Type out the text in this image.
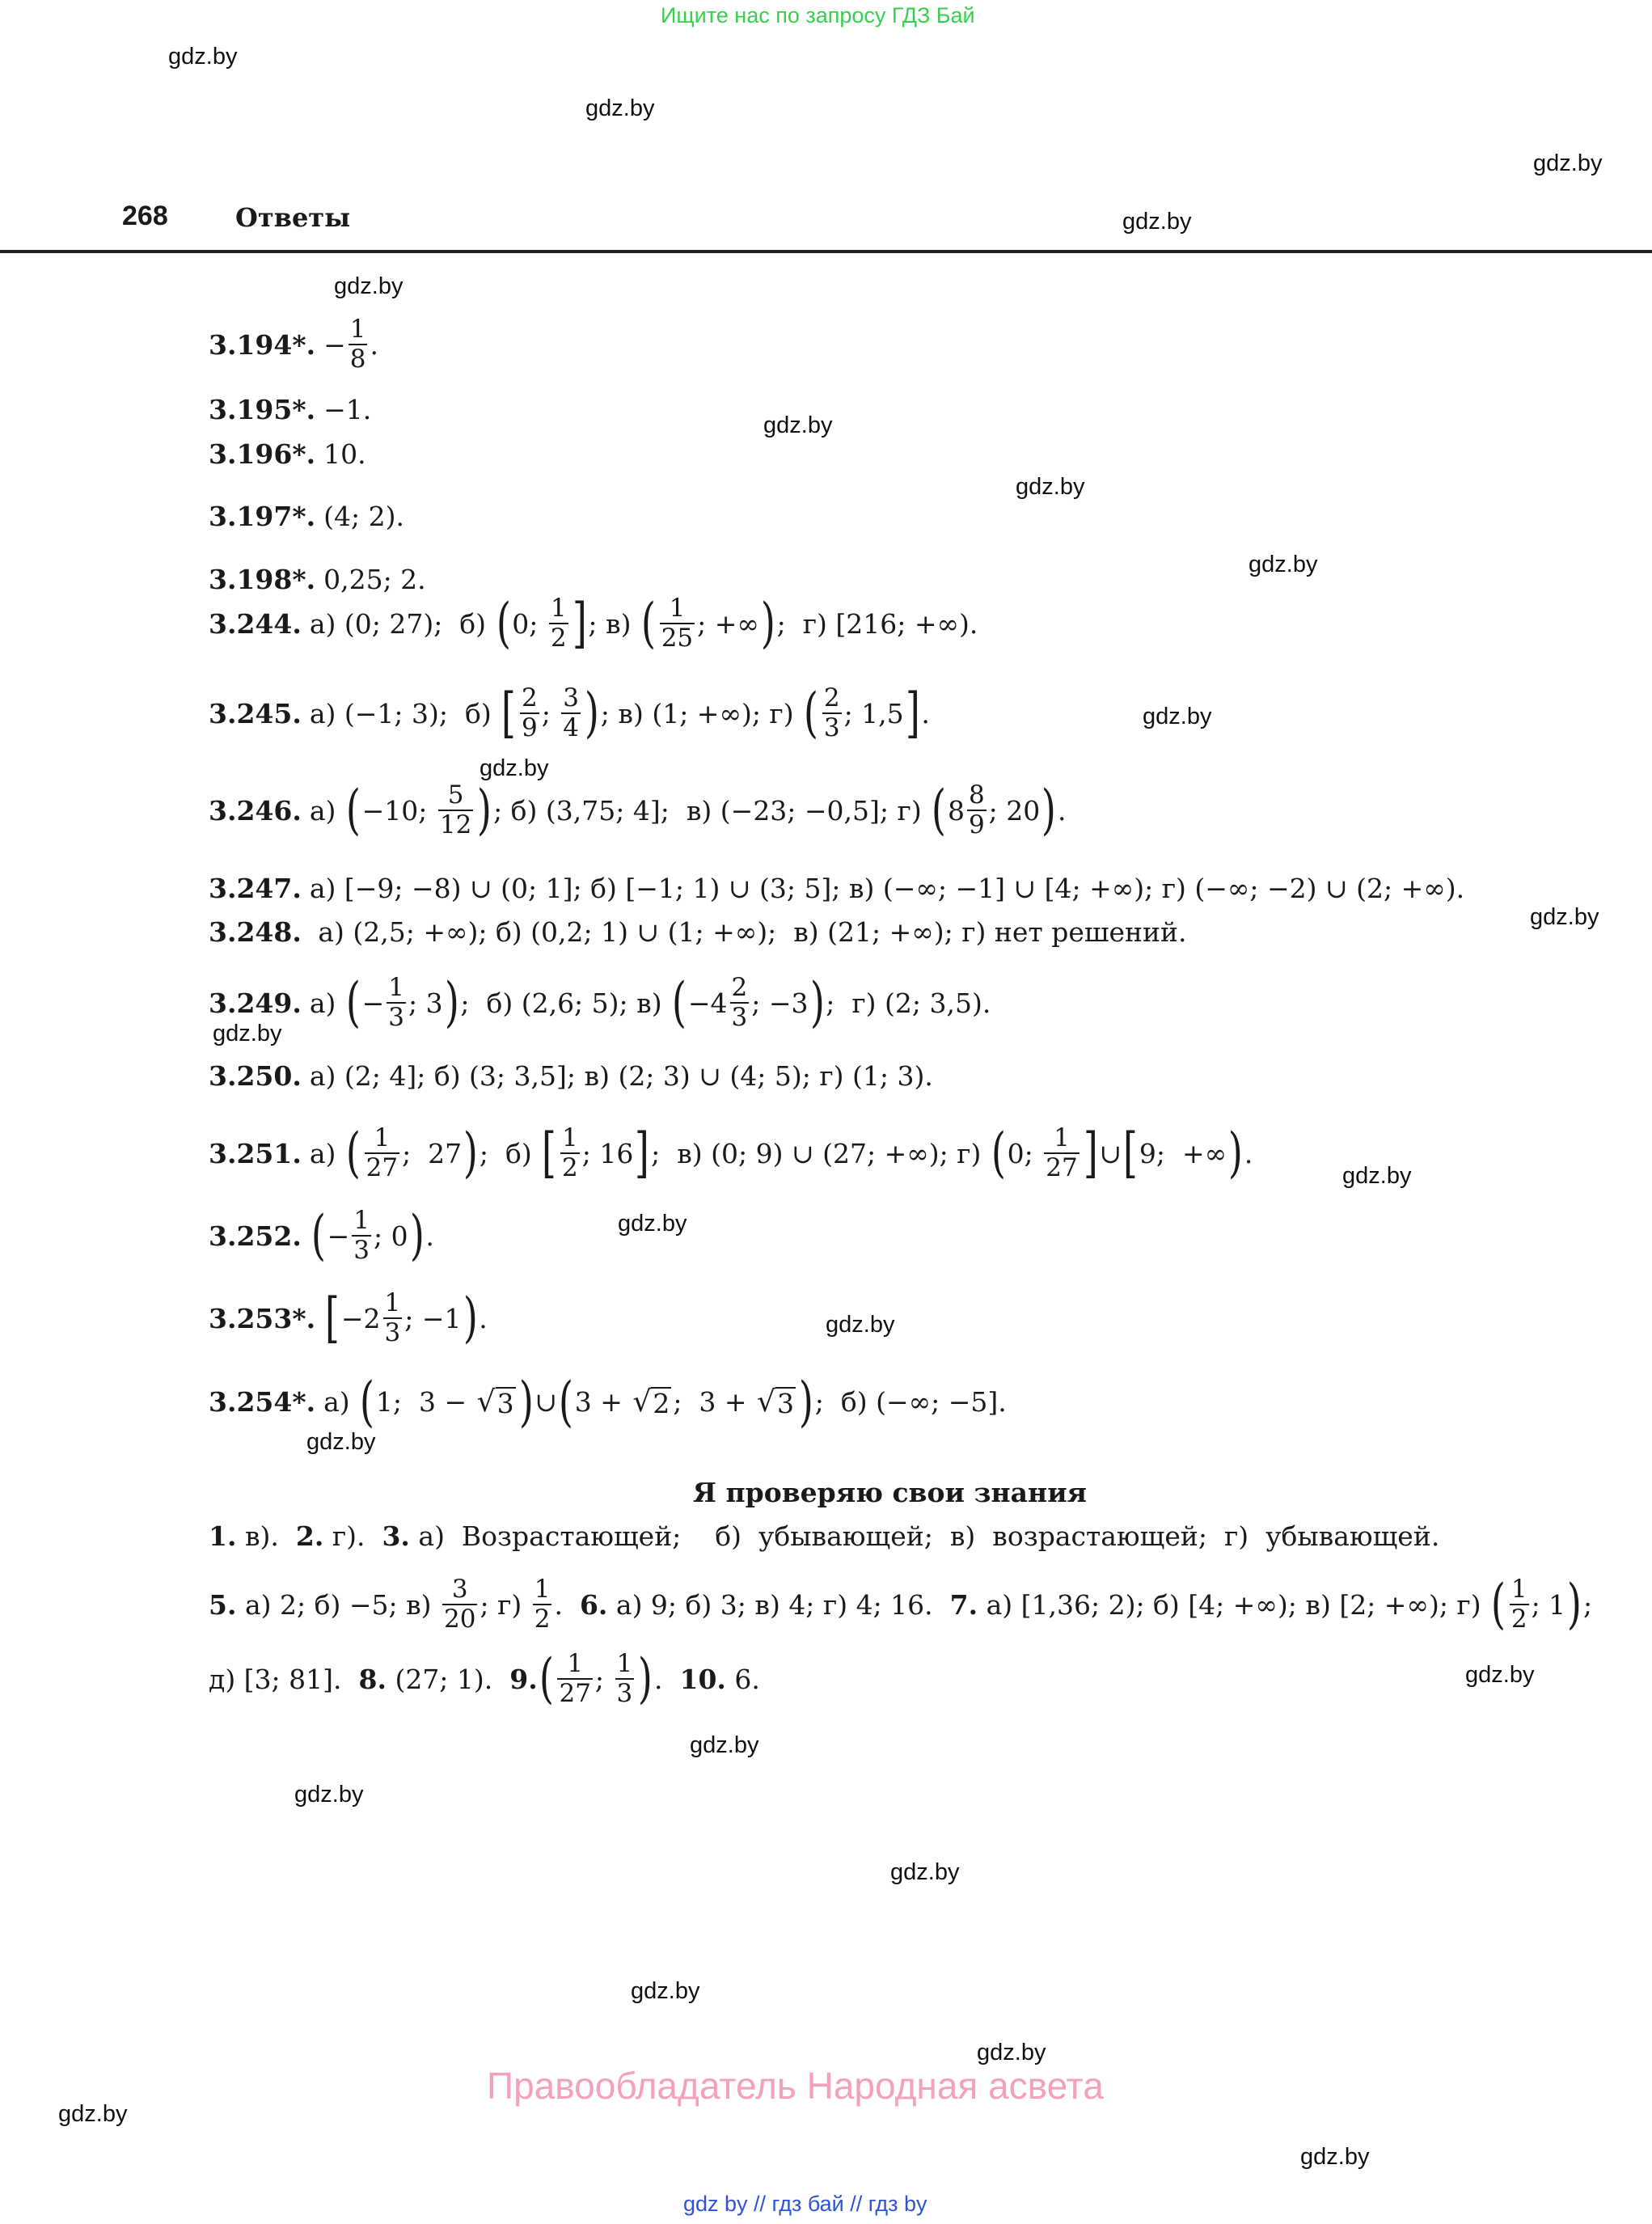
Ищите нас по запросу ГДЗ Бай
gdz.by
gdz.by
gdz.by
gdz.by
gdz.by
gdz.by
gdz.by
gdz.by
gdz.by
gdz.by
gdz.by
gdz.by
gdz.by
gdz.by
gdz.by
gdz.by
gdz.by
gdz.by
gdz.by
gdz.by
gdz.by
gdz.by
gdz.by
gdz.by
268	Ответы
3.194*. − $\frac{1}{8}$ .
3.195*. −1.
3.196*. 10.
3.197*. (4; 2).
3.198*. 0,25; 2.
3.244. а) (0; 27);  б) ( 0; $\frac{1}{2}$ ] ; в) ( $\frac{1}{25}$ ; +∞ ) ;  г) [216; +∞).
3.245. а) (−1; 3);  б) [ $\frac{2}{9}$ ; $\frac{3}{4}$ ) ; в) (1; +∞); г) ( $\frac{2}{3}$ ; 1,5 ] .
3.246. а) ( −10; $\frac{5}{12}$ ) ; б) (3,75; 4];  в) (−23; −0,5]; г) ( $8 \frac{8}{9}$ ; 20 ) .
3.247. а) [−9; −8) ∪ (0; 1]; б) [−1; 1) ∪ (3; 5]; в) (−∞; −1] ∪ [4; +∞); г) (−∞; −2) ∪ (2; +∞).
3.248. а) (2,5; +∞); б) (0,2; 1) ∪ (1; +∞);  в) (21; +∞); г) нет решений.
3.249. а) ( − $\frac{1}{3}$ ; 3 ) ;  б) (2,6; 5); в) ( $-4 \frac{2}{3}$ ; −3 ) ;  г) (2; 3,5).
3.250. а) (2; 4]; б) (3; 3,5]; в) (2; 3) ∪ (4; 5); г) (1; 3).
3.251. а) ( $\frac{1}{27}$ ;  27 ) ;  б) [ $\frac{1}{2}$ ; 16 ] ;  в) (0; 9) ∪ (27; +∞); г) ( 0; $\frac{1}{27}$ ] ∪ [ 9;  +∞ ) .
3.252. ( − $\frac{1}{3}$ ; 0 ) .
3.253*. [ $-2 \frac{1}{3}$ ; −1 ) .
3.254*. а) ( 1;  3 − √ 3 ) ∪ ( 3 + √ 2 ;  3 + √ 3 ) ;  б) (−∞; −5].
Я проверяю свои знания
1. в). 2. г). 3. а)  Возрастающей;    б)  убывающей;  в)  возрастающей;  г)  убывающей.
5. а) 2; б) −5; $в) \frac{3}{20}$ ; $г) \frac{1}{2}$ . 6. а) 9; б) 3; в) 4; г) 4; 16. 7. а) [1,36; 2); б) [4; +∞); в) [2; +∞); г) ( $\frac{1}{2}$ ; 1 ) ;
д) [3; 81]. 8. (27; 1). 9. ( $\frac{1}{27}$ ; $\frac{1}{3}$ ) . 10. 6.
Правообладатель Народная асвета
gdz by // гдз бай // гдз by
